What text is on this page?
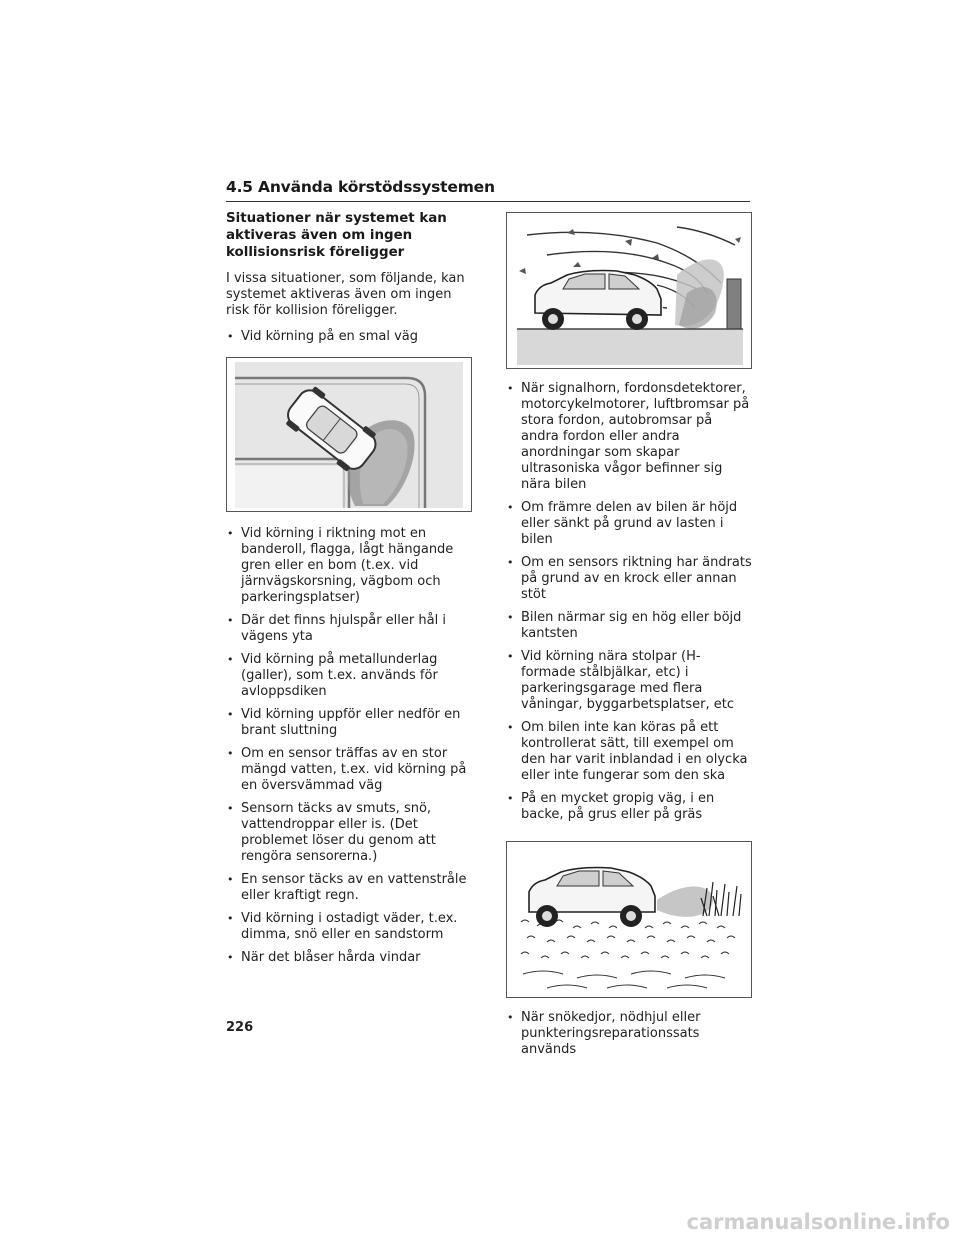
4.5 Använda körstödssystemen

Situationer när systemet kan aktiveras även om ingen kollisionsrisk föreligger

I vissa situationer, som följande, kan systemet aktiveras även om ingen risk för kollision föreligger.

• Vid körning på en smal väg
• Vid körning i riktning mot en banderoll, flagga, lågt hängande gren eller en bom (t.ex. vid järnvägskorsning, vägbom och parkeringsplatser)
• Där det finns hjulspår eller hål i vägens yta
• Vid körning på metallunderlag (galler), som t.ex. används för avloppsdiken
• Vid körning uppför eller nedför en brant sluttning
• Om en sensor träffas av en stor mängd vatten, t.ex. vid körning på en översvämmad väg
• Sensorn täcks av smuts, snö, vattendroppar eller is. (Det problemet löser du genom att rengöra sensorerna.)
• En sensor täcks av en vattenstråle eller kraftigt regn.
• Vid körning i ostadigt väder, t.ex. dimma, snö eller en sandstorm
• När det blåser hårda vindar
• När signalhorn, fordonsdetektorer, motorcykelmotorer, luftbromsar på stora fordon, autobromsar på andra fordon eller andra anordningar som skapar ultrasoniska vågor befinner sig nära bilen
• Om främre delen av bilen är höjd eller sänkt på grund av lasten i bilen
• Om en sensors riktning har ändrats på grund av en krock eller annan stöt
• Bilen närmar sig en hög eller böjd kantsten
• Vid körning nära stolpar (H-formade stålbjälkar, etc) i parkeringsgarage med flera våningar, byggarbetsplatser, etc
• Om bilen inte kan köras på ett kontrollerat sätt, till exempel om den har varit inblandad i en olycka eller inte fungerar som den ska
• På en mycket gropig väg, i en backe, på grus eller på gräs
• När snökedjor, nödhjul eller punkteringsreparationssats används
226
carmanualsonline.info
